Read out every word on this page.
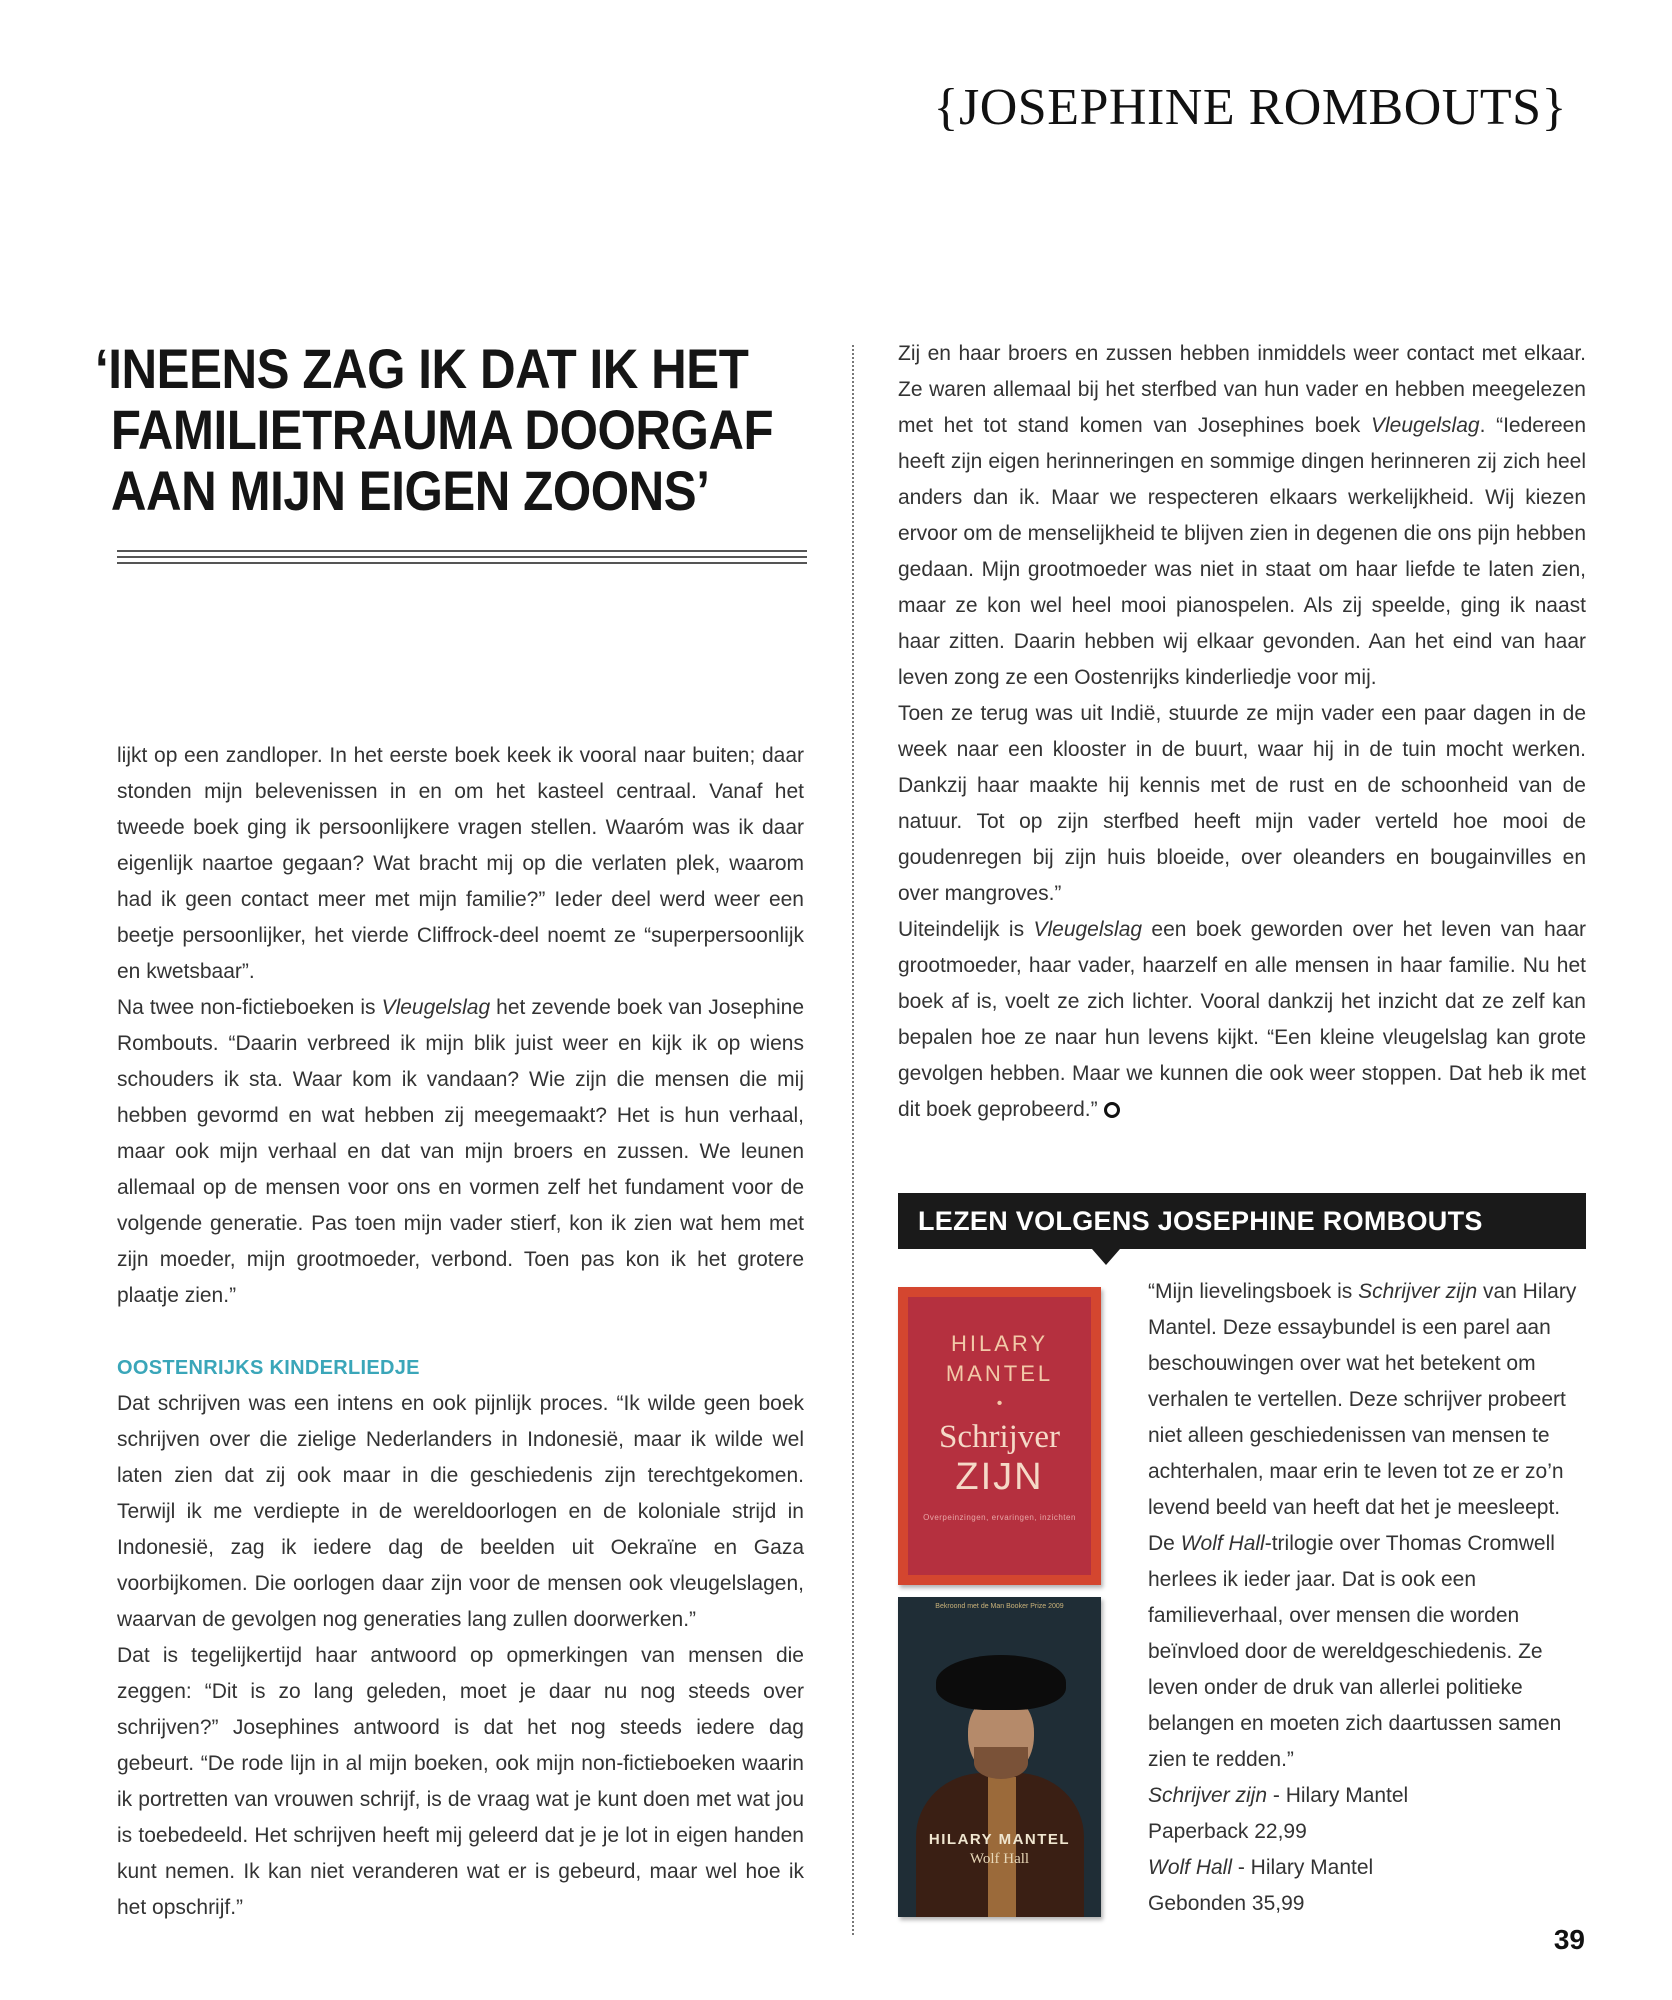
{JOSEPHINE ROMBOUTS}
‘INEENS ZAG IK DAT IK HET
FAMILIETRAUMA DOORGAF
AAN MIJN EIGEN ZOONS’

lijkt op een zandloper. In het eerste boek keek ik vooral naar buiten; daar stonden mijn belevenissen in en om het kasteel centraal. Vanaf het tweede boek ging ik persoonlijkere vragen stellen. Waaróm was ik daar eigenlijk naartoe gegaan? Wat bracht mij op die verlaten plek, waarom had ik geen contact meer met mijn familie?” Ieder deel werd weer een beetje persoonlijker, het vierde Cliffrock-deel noemt ze “superpersoonlijk en kwetsbaar”.

Na twee non-fictieboeken is Vleugelslag het zevende boek van Josephine Rombouts. “Daarin verbreed ik mijn blik juist weer en kijk ik op wiens schouders ik sta. Waar kom ik vandaan? Wie zijn die mensen die mij hebben gevormd en wat hebben zij meegemaakt? Het is hun verhaal, maar ook mijn verhaal en dat van mijn broers en zussen. We leunen allemaal op de mensen voor ons en vormen zelf het fundament voor de volgende generatie. Pas toen mijn vader stierf, kon ik zien wat hem met zijn moeder, mijn grootmoeder, verbond. Toen pas kon ik het grotere plaatje zien.”

OOSTENRIJKS KINDERLIEDJE

Dat schrijven was een intens en ook pijnlijk proces. “Ik wilde geen boek schrijven over die zielige Nederlanders in Indonesië, maar ik wilde wel laten zien dat zij ook maar in die geschiedenis zijn terechtgekomen. Terwijl ik me verdiepte in de wereldoorlogen en de koloniale strijd in Indonesië, zag ik iedere dag de beelden uit Oekraïne en Gaza voorbijkomen. Die oorlogen daar zijn voor de mensen ook vleugelslagen, waarvan de gevolgen nog generaties lang zullen doorwerken.”

Dat is tegelijkertijd haar antwoord op opmerkingen van mensen die zeggen: “Dit is zo lang geleden, moet je daar nu nog steeds over schrijven?” Josephines antwoord is dat het nog steeds iedere dag gebeurt. “De rode lijn in al mijn boeken, ook mijn non-fictieboeken waarin ik portretten van vrouwen schrijf, is de vraag wat je kunt doen met wat jou is toebedeeld. Het schrijven heeft mij geleerd dat je je lot in eigen handen kunt nemen. Ik kan niet veranderen wat er is gebeurd, maar wel hoe ik het opschrijf.”

Zij en haar broers en zussen hebben inmiddels weer contact met elkaar. Ze waren allemaal bij het sterfbed van hun vader en hebben meegelezen met het tot stand komen van Josephines boek Vleugelslag. “Iedereen heeft zijn eigen herinneringen en sommige dingen herinneren zij zich heel anders dan ik. Maar we respecteren elkaars werkelijkheid. Wij kiezen ervoor om de menselijkheid te blijven zien in degenen die ons pijn hebben gedaan. Mijn grootmoeder was niet in staat om haar liefde te laten zien, maar ze kon wel heel mooi pianospelen. Als zij speelde, ging ik naast haar zitten. Daarin hebben wij elkaar gevonden. Aan het eind van haar leven zong ze een Oostenrijks kinderliedje voor mij.

Toen ze terug was uit Indië, stuurde ze mijn vader een paar dagen in de week naar een klooster in de buurt, waar hij in de tuin mocht werken. Dankzij haar maakte hij kennis met de rust en de schoonheid van de natuur. Tot op zijn sterfbed heeft mijn vader verteld hoe mooi de goudenregen bij zijn huis bloeide, over oleanders en bougainvilles en over mangroves.”

Uiteindelijk is Vleugelslag een boek geworden over het leven van haar grootmoeder, haar vader, haarzelf en alle mensen in haar familie. Nu het boek af is, voelt ze zich lichter. Vooral dankzij het inzicht dat ze zelf kan bepalen hoe ze naar hun levens kijkt. “Een kleine vleugelslag kan grote gevolgen hebben. Maar we kunnen die ook weer stoppen. Dat heb ik met dit boek geprobeerd.”

LEZEN VOLGENS JOSEPHINE ROMBOUTS
HILARY
MANTEL
•
Schrijver
ZIJN
Overpeinzingen, ervaringen, inzichten
Bekroond met de Man Booker Prize 2009
HILARY MANTEL
Wolf Hall

“Mijn lievelingsboek is Schrijver zijn van Hilary Mantel. Deze essaybundel is een parel aan beschouwingen over wat het betekent om verhalen te vertellen. Deze schrijver probeert niet alleen geschiedenissen van mensen te achterhalen, maar erin te leven tot ze er zo’n levend beeld van heeft dat het je meesleept. De Wolf Hall-trilogie over Thomas Cromwell herlees ik ieder jaar. Dat is ook een familieverhaal, over mensen die worden beïnvloed door de wereldgeschiedenis. Ze leven onder de druk van allerlei politieke belangen en moeten zich daartussen samen zien te redden.”

Schrijver zijn - Hilary Mantel

Paperback 22,99

Wolf Hall - Hilary Mantel

Gebonden 35,99

39
